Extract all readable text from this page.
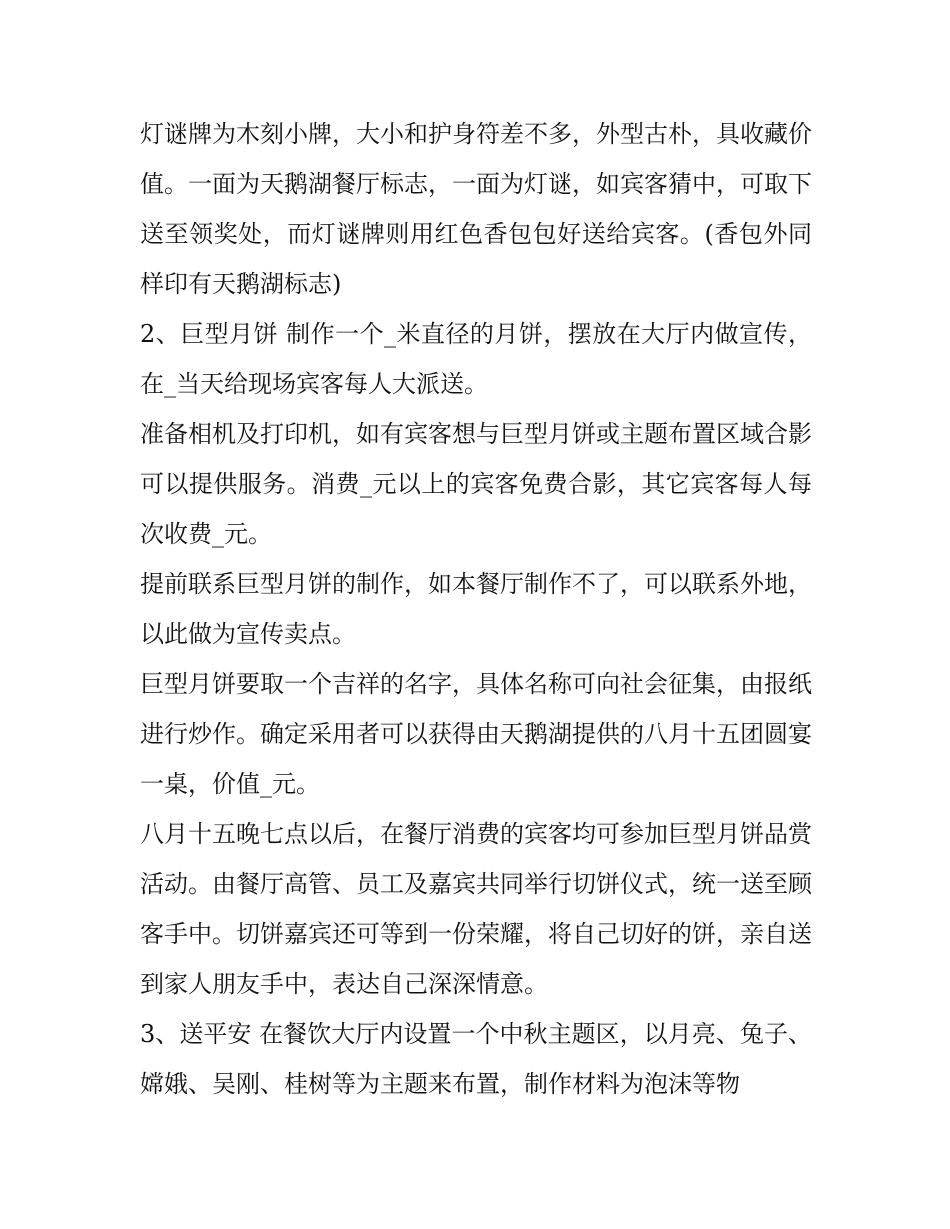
灯谜牌为木刻小牌，大小和护身符差不多，外型古朴，具收藏价值。一面为天鹅湖餐厅标志，一面为灯谜，如宾客猜中，可取下送至领奖处，而灯谜牌则用红色香包包好送给宾客。(香包外同样印有天鹅湖标志)

2、巨型月饼 制作一个_米直径的月饼，摆放在大厅内做宣传，在_当天给现场宾客每人大派送。

准备相机及打印机，如有宾客想与巨型月饼或主题布置区域合影可以提供服务。消费_元以上的宾客免费合影，其它宾客每人每次收费_元。

提前联系巨型月饼的制作，如本餐厅制作不了，可以联系外地，以此做为宣传卖点。

巨型月饼要取一个吉祥的名字，具体名称可向社会征集，由报纸进行炒作。确定采用者可以获得由天鹅湖提供的八月十五团圆宴一桌，价值_元。

八月十五晚七点以后，在餐厅消费的宾客均可参加巨型月饼品赏活动。由餐厅高管、员工及嘉宾共同举行切饼仪式，统一送至顾客手中。切饼嘉宾还可等到一份荣耀，将自己切好的饼，亲自送到家人朋友手中，表达自己深深情意。

3、送平安 在餐饮大厅内设置一个中秋主题区，以月亮、兔子、嫦娥、吴刚、桂树等为主题来布置，制作材料为泡沫等物
